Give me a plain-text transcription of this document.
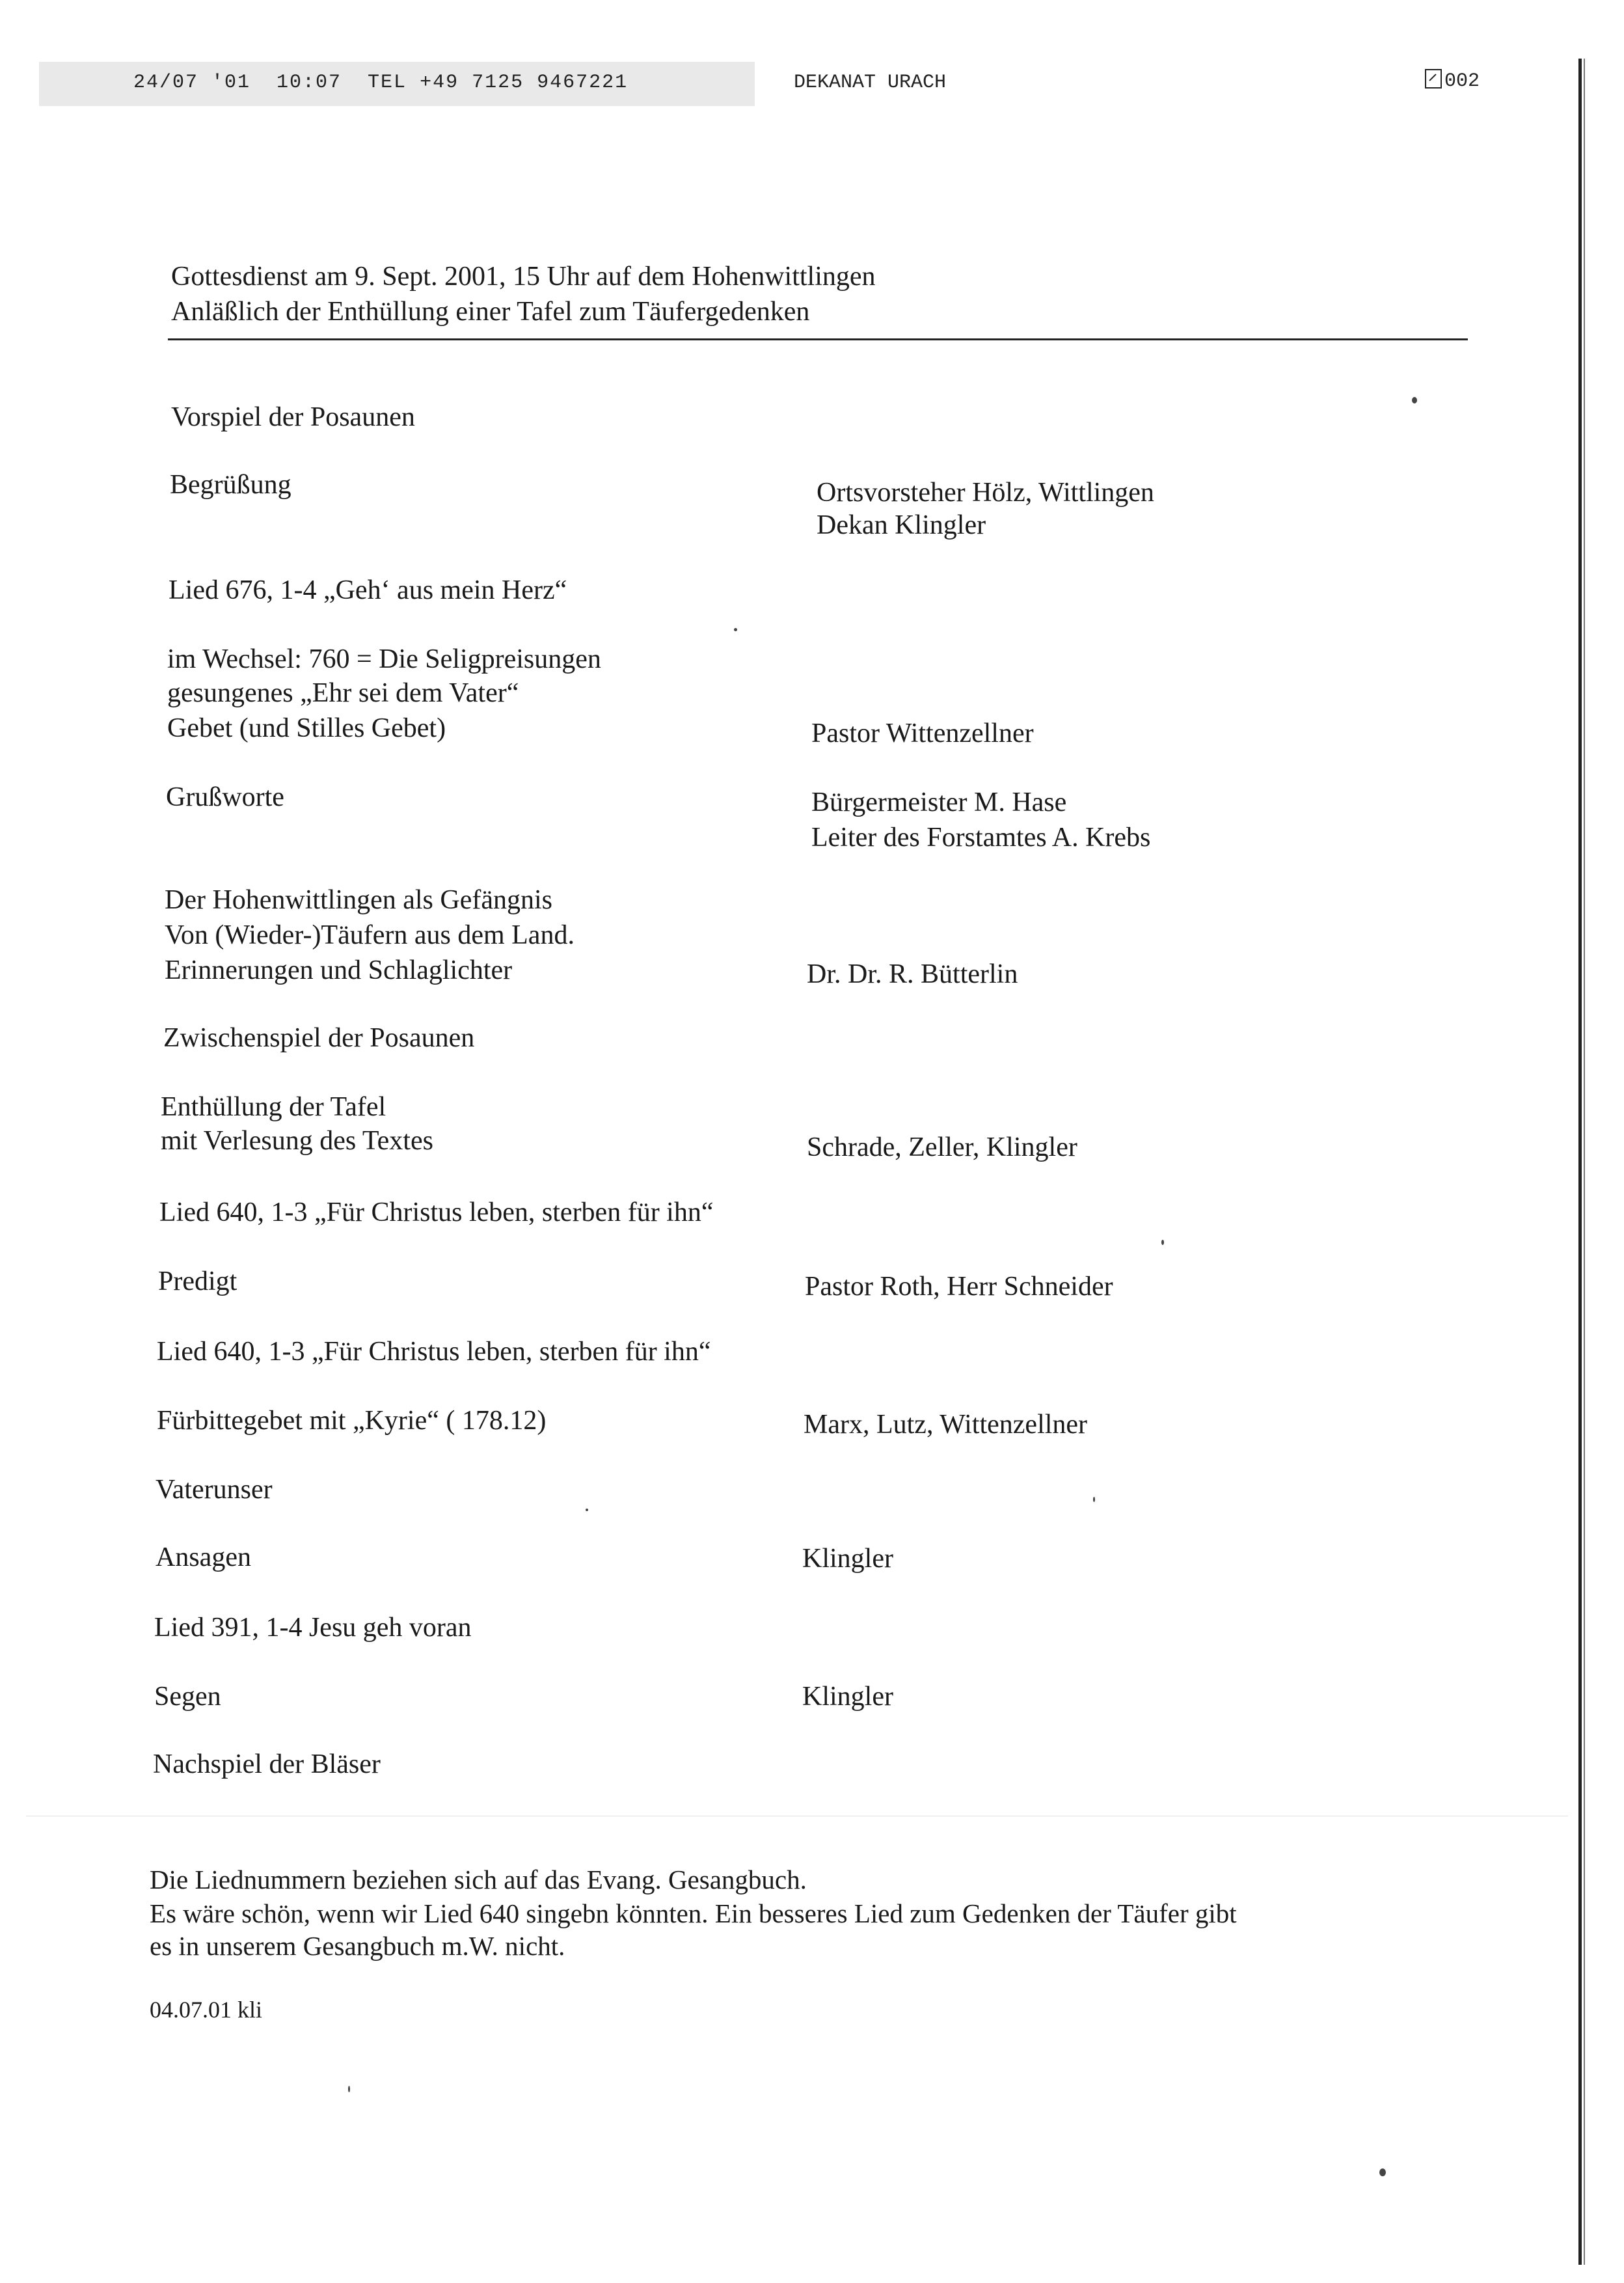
24/07 '01  10:07  TEL +49 7125 9467221	DEKANAT URACH	002
Gottesdienst am 9. Sept. 2001, 15 Uhr auf dem Hohenwittlingen
Anläßlich der Enthüllung einer Tafel zum Täufergedenken
Vorspiel der Posaunen
Begrüßung	Ortsvorsteher Hölz, Wittlingen
Dekan Klingler
Lied 676, 1-4 „Geh‘ aus mein Herz“
im Wechsel: 760 = Die Seligpreisungen
gesungenes „Ehr sei dem Vater“
Gebet (und Stilles Gebet)	Pastor Wittenzellner
Grußworte	Bürgermeister M. Hase
Leiter des Forstamtes A. Krebs
Der Hohenwittlingen als Gefängnis
Von (Wieder-)Täufern aus dem Land.
Erinnerungen und Schlaglichter	Dr. Dr. R. Bütterlin
Zwischenspiel der Posaunen
Enthüllung der Tafel
mit Verlesung des Textes	Schrade, Zeller, Klingler
Lied 640, 1-3 „Für Christus leben, sterben für ihn“
Predigt	Pastor Roth, Herr Schneider
Lied 640, 1-3 „Für Christus leben, sterben für ihn“
Fürbittegebet mit „Kyrie“ ( 178.12)	Marx, Lutz, Wittenzellner
Vaterunser
Ansagen	Klingler
Lied 391, 1-4 Jesu geh voran
Segen	Klingler
Nachspiel der Bläser
Die Liednummern beziehen sich auf das Evang. Gesangbuch.
Es wäre schön, wenn wir Lied 640 singebn könnten. Ein besseres Lied zum Gedenken der Täufer gibt
es in unserem Gesangbuch m.W. nicht.
04.07.01 kli
